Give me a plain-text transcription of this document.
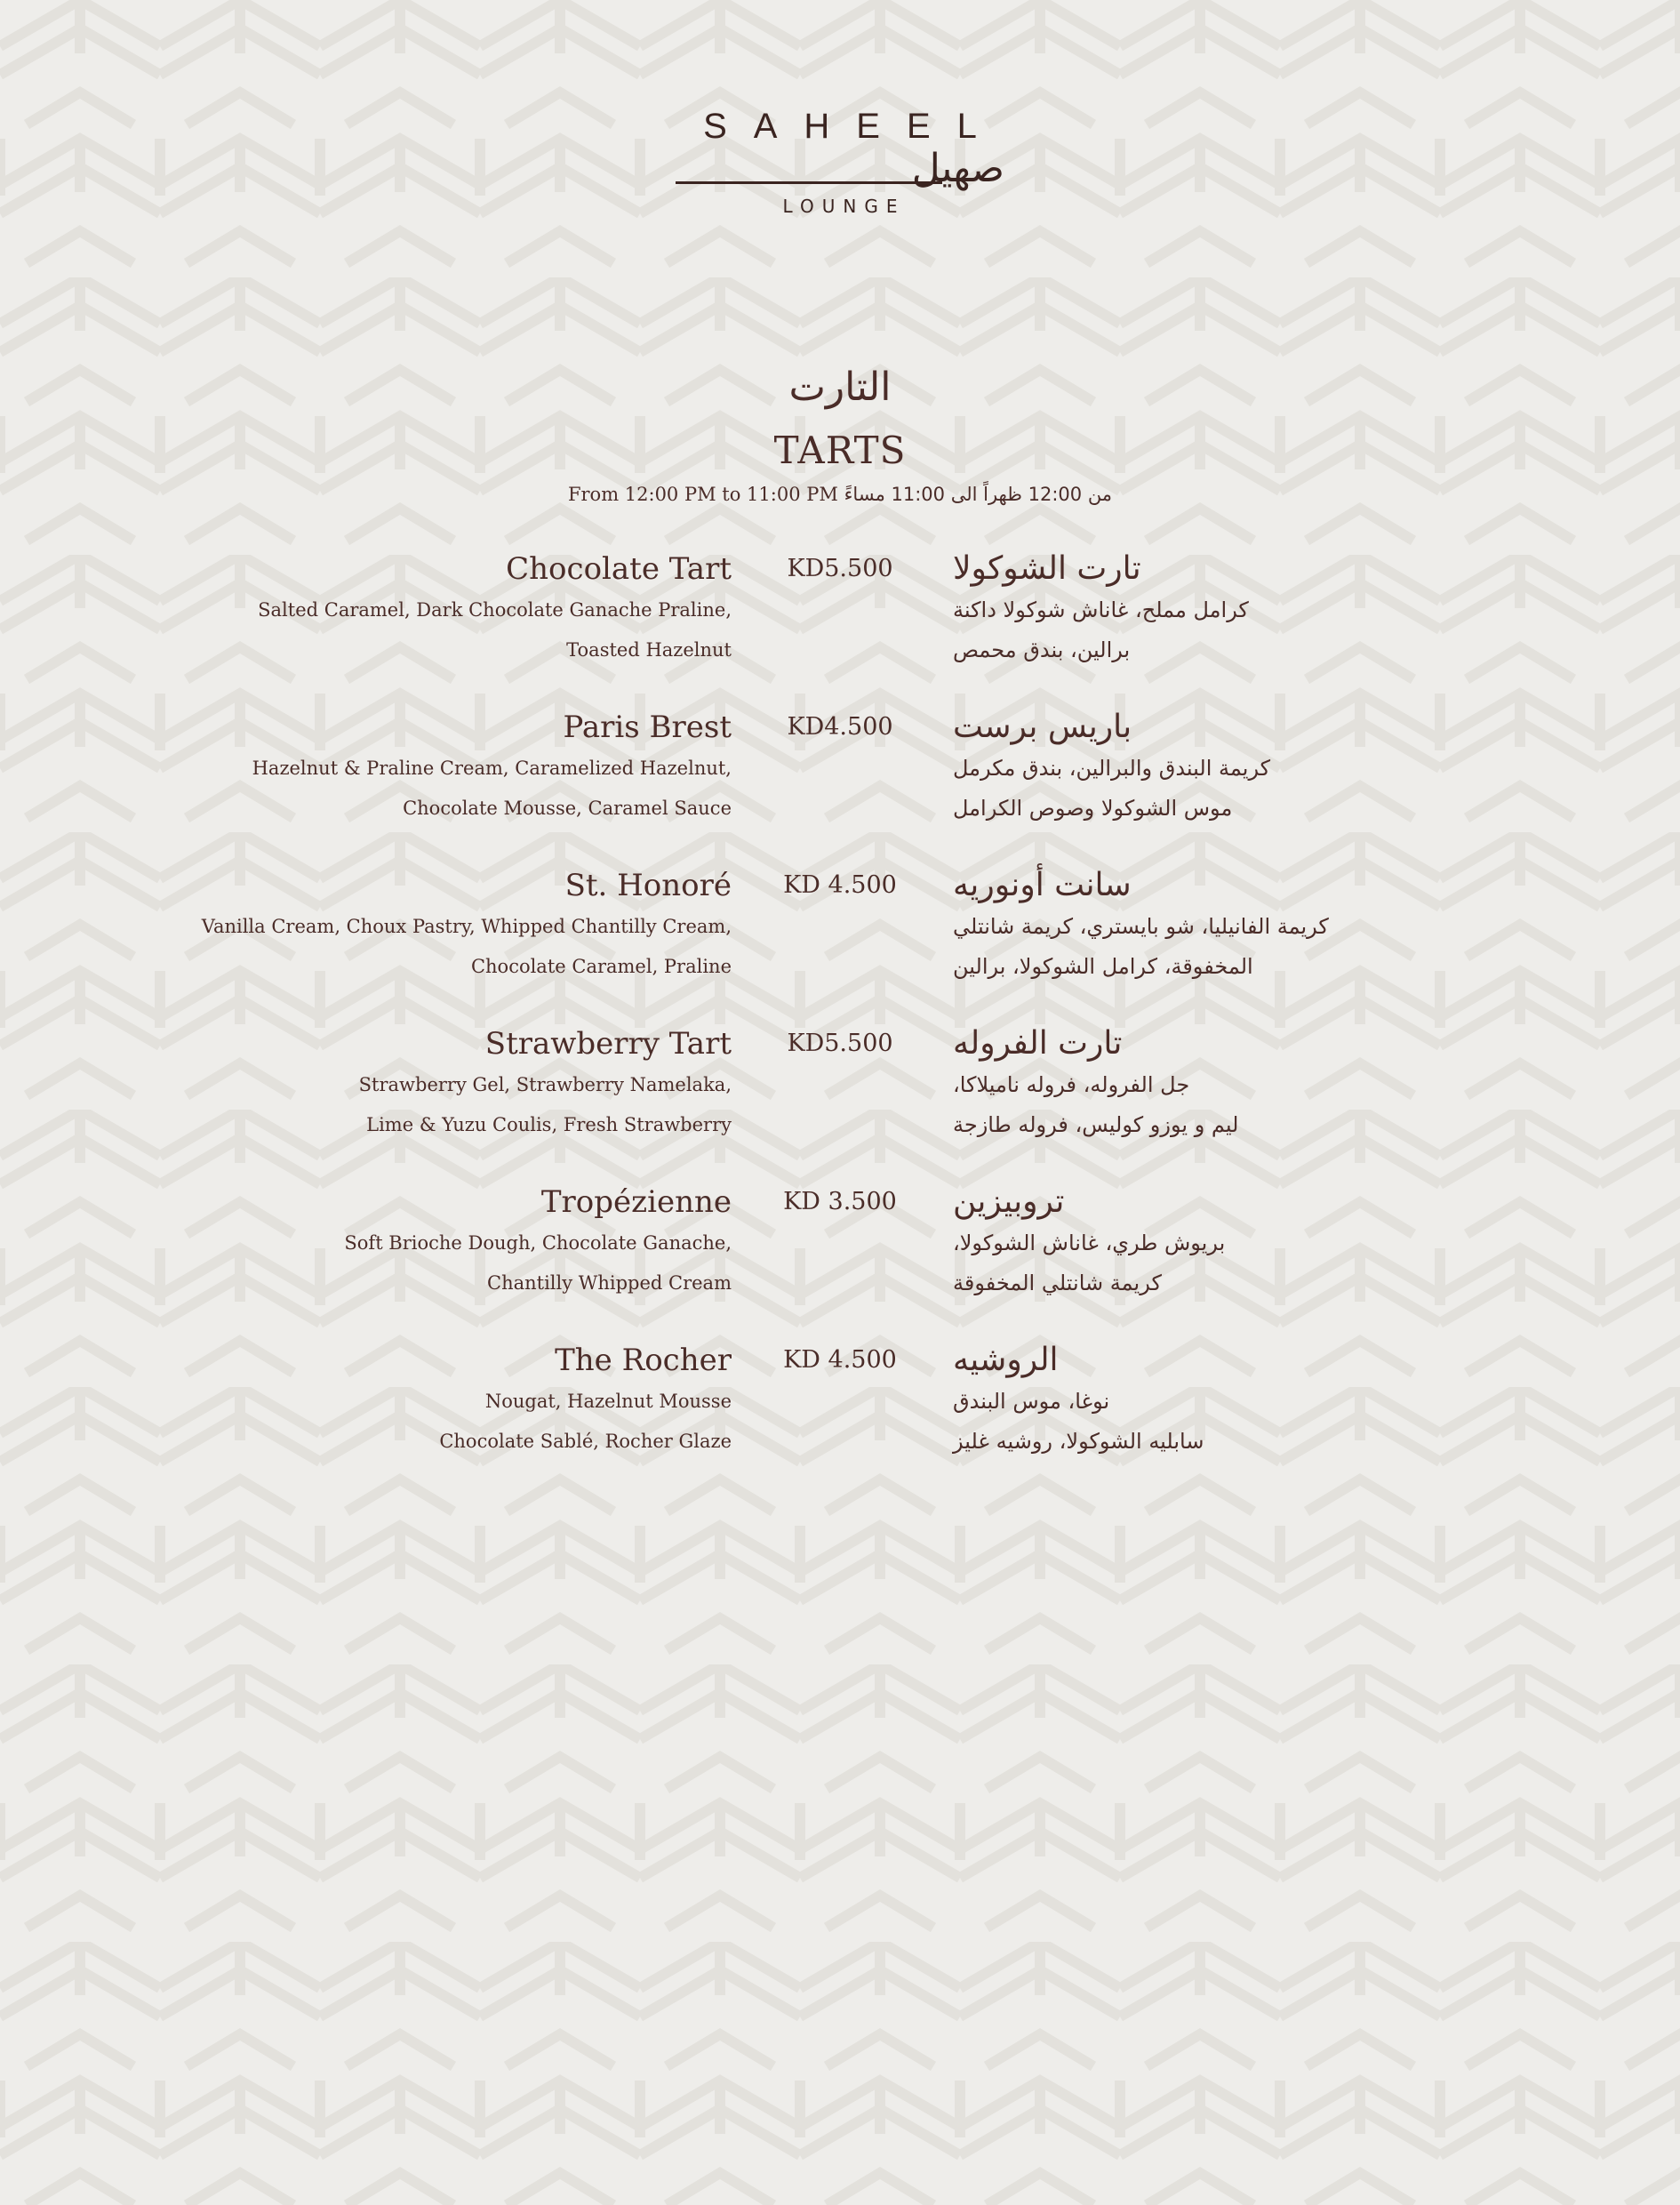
SAHEEL
صهيل
LOUNGE
التارت
TARTS
From 12:00 PM to 11:00 PM من 12:00 ظهراً الى 11:00 مساءً
Chocolate Tart
Salted Caramel, Dark Chocolate Ganache Praline,
Toasted Hazelnut
KD5.500	تارت الشوكولا
كرامل مملح، غاناش شوكولا داكنة
برالين، بندق محمص
Paris Brest
Hazelnut & Praline Cream, Caramelized Hazelnut,
Chocolate Mousse, Caramel Sauce
KD4.500	باريس برست
كريمة البندق والبرالين، بندق مكرمل
موس الشوكولا وصوص الكرامل
St. Honoré
Vanilla Cream, Choux Pastry, Whipped Chantilly Cream,
Chocolate Caramel, Praline
KD 4.500	سانت أونوريه
كريمة الفانيليا، شو بايستري، كريمة شانتلي
المخفوقة، كرامل الشوكولا، برالين
Strawberry Tart
Strawberry Gel, Strawberry Namelaka,
Lime & Yuzu Coulis, Fresh Strawberry
KD5.500	تارت الفروله
جل الفروله، فروله ناميلاكا،
ليم و يوزو كوليس، فروله طازجة
Tropézienne
Soft Brioche Dough, Chocolate Ganache,
Chantilly Whipped Cream
KD 3.500	تروبيزين
بريوش طري، غاناش الشوكولا،
كريمة شانتلي المخفوقة
The Rocher
Nougat, Hazelnut Mousse
Chocolate Sablé, Rocher Glaze
KD 4.500	الروشيه
نوغا، موس البندق
سابليه الشوكولا، روشيه غليز
